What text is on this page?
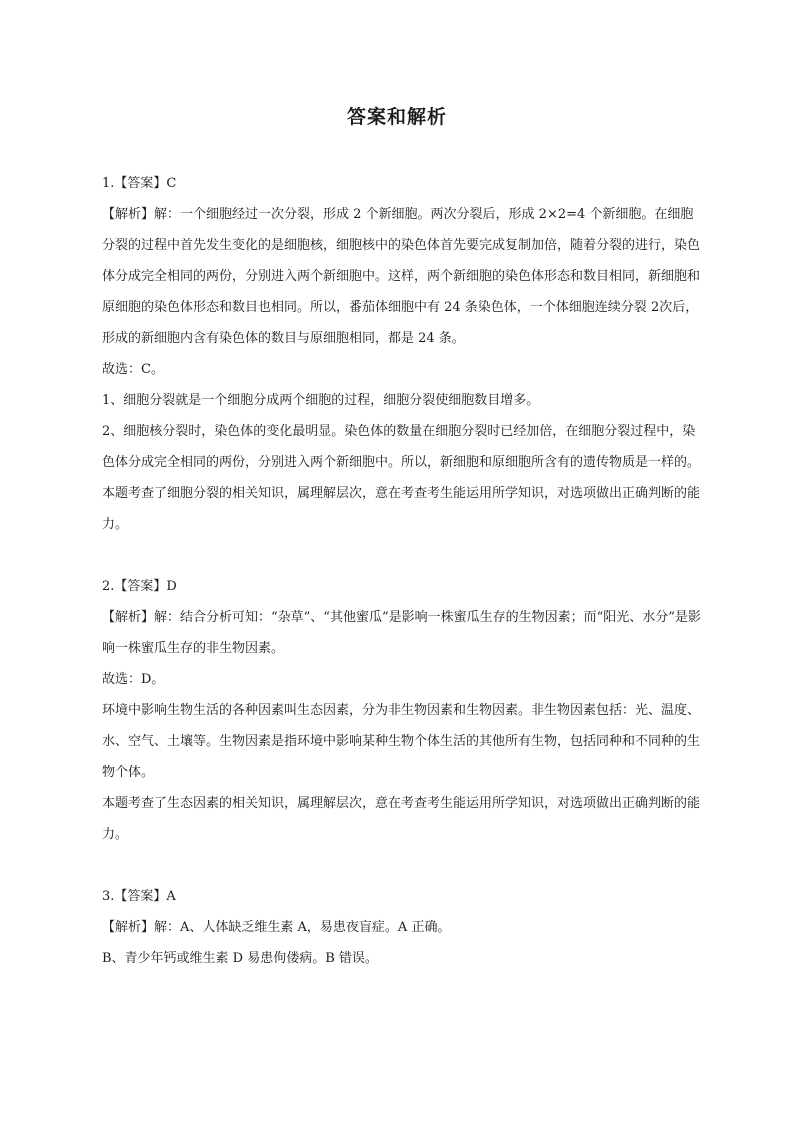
答案和解析

1.【答案】C

【解析】解：一个细胞经过一次分裂，形成 2 个新细胞。两次分裂后，形成 2×2=4 个新细胞。在细胞分裂的过程中首先发生变化的是细胞核，细胞核中的染色体首先要完成复制加倍，随着分裂的进行，染色体分成完全相同的两份，分别进入两个新细胞中。这样，两个新细胞的染色体形态和数目相同，新细胞和原细胞的染色体形态和数目也相同。所以，番茄体细胞中有 24 条染色体，一个体细胞连续分裂 2次后，形成的新细胞内含有染色体的数目与原细胞相同，都是 24 条。

故选：C。

1、细胞分裂就是一个细胞分成两个细胞的过程，细胞分裂使细胞数目增多。

2、细胞核分裂时，染色体的变化最明显。染色体的数量在细胞分裂时已经加倍，在细胞分裂过程中，染色体分成完全相同的两份，分别进入两个新细胞中。所以，新细胞和原细胞所含有的遗传物质是一样的。

本题考查了细胞分裂的相关知识，属理解层次，意在考查考生能运用所学知识，对选项做出正确判断的能力。

2.【答案】D

【解析】解：结合分析可知：“杂草”、“其他蜜瓜”是影响一株蜜瓜生存的生物因素；而“阳光、水分”是影响一株蜜瓜生存的非生物因素。

故选：D。

环境中影响生物生活的各种因素叫生态因素，分为非生物因素和生物因素。非生物因素包括：光、温度、水、空气、土壤等。生物因素是指环境中影响某种生物个体生活的其他所有生物，包括同种和不同种的生物个体。

本题考查了生态因素的相关知识，属理解层次，意在考查考生能运用所学知识，对选项做出正确判断的能力。

3.【答案】A

【解析】解：A、人体缺乏维生素 A，易患夜盲症。A 正确。

B、青少年钙或维生素 D 易患佝偻病。B 错误。
